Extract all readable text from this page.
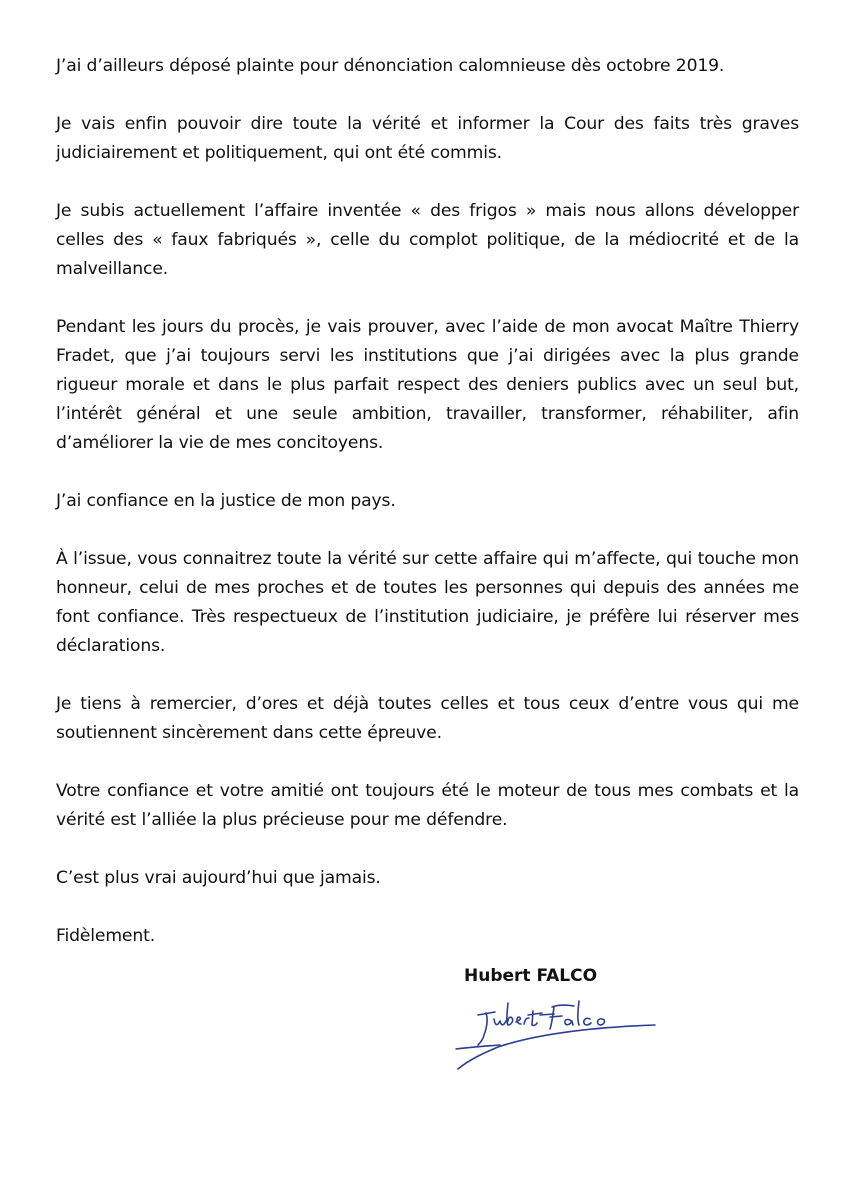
J’ai d’ailleurs déposé plainte pour dénonciation calomnieuse dès octobre 2019.

Je vais enfin pouvoir dire toute la vérité et informer la Cour des faits très graves judiciairement et politiquement, qui ont été commis.

Je subis actuellement l’affaire inventée « des frigos » mais nous allons développer celles des « faux fabriqués », celle du complot politique, de la médiocrité et de la malveillance.

Pendant les jours du procès, je vais prouver, avec l’aide de mon avocat Maître Thierry Fradet, que j’ai toujours servi les institutions que j’ai dirigées avec la plus grande rigueur morale et dans le plus parfait respect des deniers publics avec un seul but, l’intérêt général et une seule ambition, travailler, transformer, réhabiliter, afin d’améliorer la vie de mes concitoyens.

J’ai confiance en la justice de mon pays.

À l’issue, vous connaitrez toute la vérité sur cette affaire qui m’affecte, qui touche mon honneur, celui de mes proches et de toutes les personnes qui depuis des années me font confiance. Très respectueux de l’institution judiciaire, je préfère lui réserver mes déclarations.

Je tiens à remercier, d’ores et déjà toutes celles et tous ceux d’entre vous qui me soutiennent sincèrement dans cette épreuve.

Votre confiance et votre amitié ont toujours été le moteur de tous mes combats et la vérité est l’alliée la plus précieuse pour me défendre.

C’est plus vrai aujourd’hui que jamais.

Fidèlement.

Hubert FALCO
